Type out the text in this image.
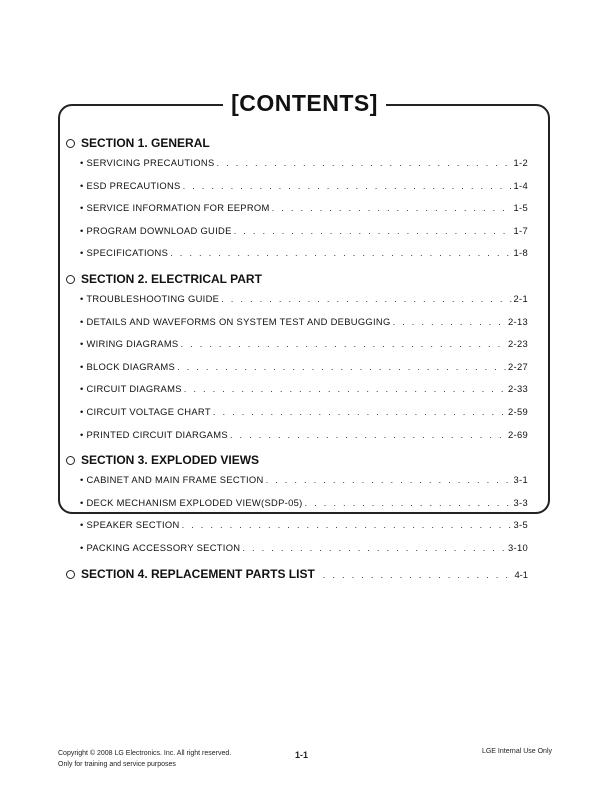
[CONTENTS]
SECTION 1. GENERAL
• SERVICING PRECAUTIONS . . .	1-2
• ESD PRECAUTIONS . . .	1-4
• SERVICE INFORMATION FOR EEPROM . . .	1-5
• PROGRAM DOWNLOAD GUIDE . . .	1-7
• SPECIFICATIONS . . .	1-8
SECTION 2. ELECTRICAL PART
• TROUBLESHOOTING GUIDE . . .	2-1
• DETAILS AND WAVEFORMS ON SYSTEM TEST AND DEBUGGING . . .	2-13
• WIRING DIAGRAMS . . .	2-23
• BLOCK DIAGRAMS . . .	2-27
• CIRCUIT DIAGRAMS . . .	2-33
• CIRCUIT VOLTAGE CHART . . .	2-59
• PRINTED CIRCUIT DIARGAMS . . .	2-69
SECTION 3. EXPLODED VIEWS
• CABINET AND MAIN FRAME SECTION . . .	3-1
• DECK MECHANISM EXPLODED VIEW(SDP-05) . . .	3-3
• SPEAKER SECTION . . .	3-5
• PACKING ACCESSORY SECTION . . .	3-10
SECTION 4. REPLACEMENT PARTS LIST . . .	4-1
Copyright © 2008 LG Electronics. Inc. All right reserved.
Only for training and service purposes
1-1	LGE Internal Use Only
